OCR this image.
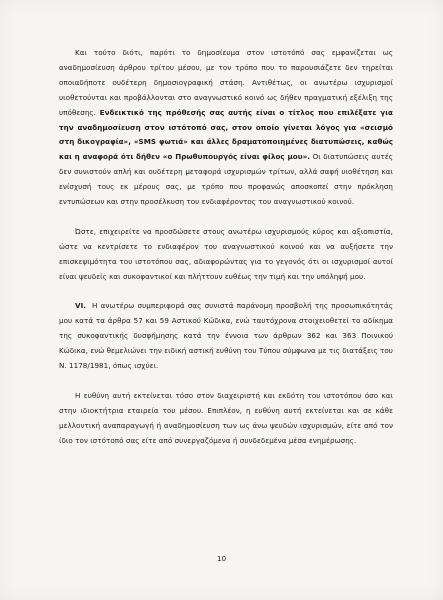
Και τούτο διότι, παρότι το δημοσίευμα στον ιστοτόπό σας εμφανίζεται ως αναδημοσίευση άρθρου τρίτου μέσου, με τον τρόπο που το παρουσιάζετε δεν τηρείται οποιαδήποτε ουδέτερη δημοσιογραφική στάση. Αντιθέτως, οι ανωτέρω ισχυρισμοί υιοθετούνται και προβάλλονται στο αναγνωστικό κοινό ως δήθεν πραγματική εξέλιξη της υπόθεσης. Ενδεικτικό της πρόθεσής σας αυτής είναι ο τίτλος που επιλέξατε για την αναδημοσίευση στον ιστότοπό σας, στον οποίο γίνεται λόγος για «σεισμό στη δικογραφία», «SMS φωτιά» και άλλες δραματοποιημένες διατυπώσεις, καθώς και η αναφορά ότι δήθεν «ο Πρωθυπουργός είναι φίλος μου». Οι διατυπώσεις αυτές δεν συνιστούν απλή και ουδέτερη μεταφορά ισχυρισμών τρίτων, αλλά σαφή υιοθέτηση και ενίσχυσή τους εκ μέρους σας, με τρόπο που προφανώς αποσκοπεί στην πρόκληση εντυπώσεων και στην προσέλκυση του ενδιαφέροντος του αναγνωστικού κοινού.

Ώστε, επιχειρείτε να προσδώσετε στους ανωτέρω ισχυρισμούς κύρος και αξιοπιστία, ώστε να κεντρίσετε το ενδιαφέρον του αναγνωστικού κοινού και να αυξήσετε την επισκεψιμότητα του ιστοτόπου σας, αδιαφορώντας για το γεγονός ότι οι ισχυρισμοί αυτοί είναι ψευδείς και συκοφαντικοί και πλήττουν ευθέως την τιμή και την υπόληψή μου.

VI. Η ανωτέρω συμπεριφορά σας συνιστά παράνομη προσβολή της προσωπικότητάς μου κατά τα άρθρα 57 και 59 Αστικού Κώδικα, ενώ ταυτόχρονα στοιχειοθετεί το αδίκημα της συκοφαντικής δυσφήμησης κατά την έννοια των άρθρων 362 και 363 Ποινικού Κώδικα, ενώ θεμελιώνει την ειδική αστική ευθύνη του Τύπου σύμφωνα με τις διατάξεις του Ν. 1178/1981, όπως ισχύει.

Η ευθύνη αυτή εκτείνεται τόσο στον διαχειριστή και εκδότη του ιστοτόπου όσο και στην ιδιοκτήτρια εταιρεία του μέσου. Επιπλέον, η ευθύνη αυτή εκτείνεται και σε κάθε μελλοντική αναπαραγωγή ή αναδημοσίευση των ως άνω ψευδών ισχυρισμών, είτε από τον ίδιο τον ιστότοπό σας είτε από συνεργαζόμενα ή συνδεδεμένα μέσα ενημέρωσης.

10
